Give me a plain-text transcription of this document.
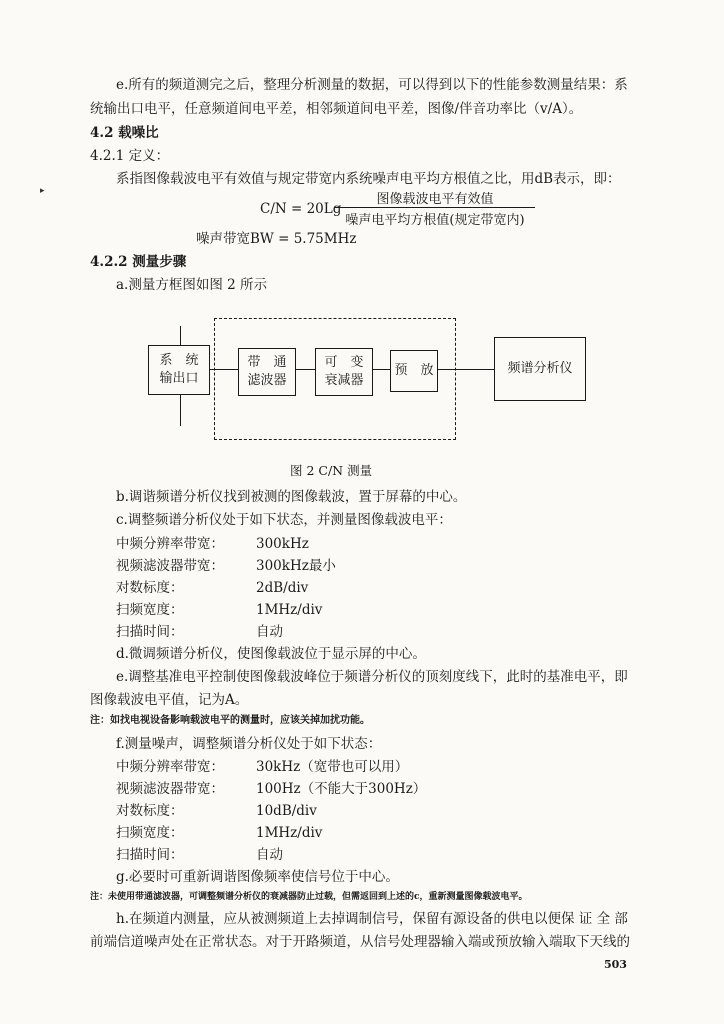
e.所有的频道测完之后，整理分析测量的数据，可以得到以下的性能参数测量结果：系
统输出口电平，任意频道间电平差，相邻频道间电平差，图像/伴音功率比（v/A）。
4.2 载噪比
4.2.1 定义：
系指图像载波电平有效值与规定带宽内系统噪声电平均方根值之比，用dB表示，即：
C/N = 20Lg
图像载波电平有效值
噪声电平均方根值(规定带宽内)
噪声带宽BW = 5.75MHz
4.2.2 测量步骤
a.测量方框图如图 2 所示
系　统
输出口
带　通
滤波器
可　变
衰减器
预　放	频谱分析仪
图 2 C/N 测量
b.调谐频谱分析仪找到被测的图像载波，置于屏幕的中心。
c.调整频谱分析仪处于如下状态，并测量图像载波电平：
中频分辨率带宽： 300kHz
视频滤波器带宽： 300kHz最小
对数标度：	2dB/div
扫频宽度：	1MHz/div
扫描时间：	自动
d.微调频谱分析仪，使图像载波位于显示屏的中心。
e.调整基准电平控制使图像载波峰位于频谱分析仪的顶刻度线下，此时的基准电平，即
图像载波电平值，记为A。
注：如找电视设备影响载波电平的测量时，应该关掉加扰功能。
f.测量噪声，调整频谱分析仪处于如下状态：
中频分辨率带宽： 30kHz（宽带也可以用）
视频滤波器带宽： 100Hz（不能大于300Hz）
对数标度：	10dB/div
扫频宽度：	1MHz/div
扫描时间：	自动
g.必要时可重新调谐图像频率使信号位于中心。
注：未使用带通滤波器，可调整频谱分析仪的衰减器防止过载，但需返回到上述的c，重新测量图像载波电平。
h.在频道内测量，应从被测频道上去掉调制信号，保留有源设备的供电以便保 证 全 部
前端信道噪声处在正常状态。对于开路频道，从信号处理器输入端或预放输入端取下天线的
503
▸
